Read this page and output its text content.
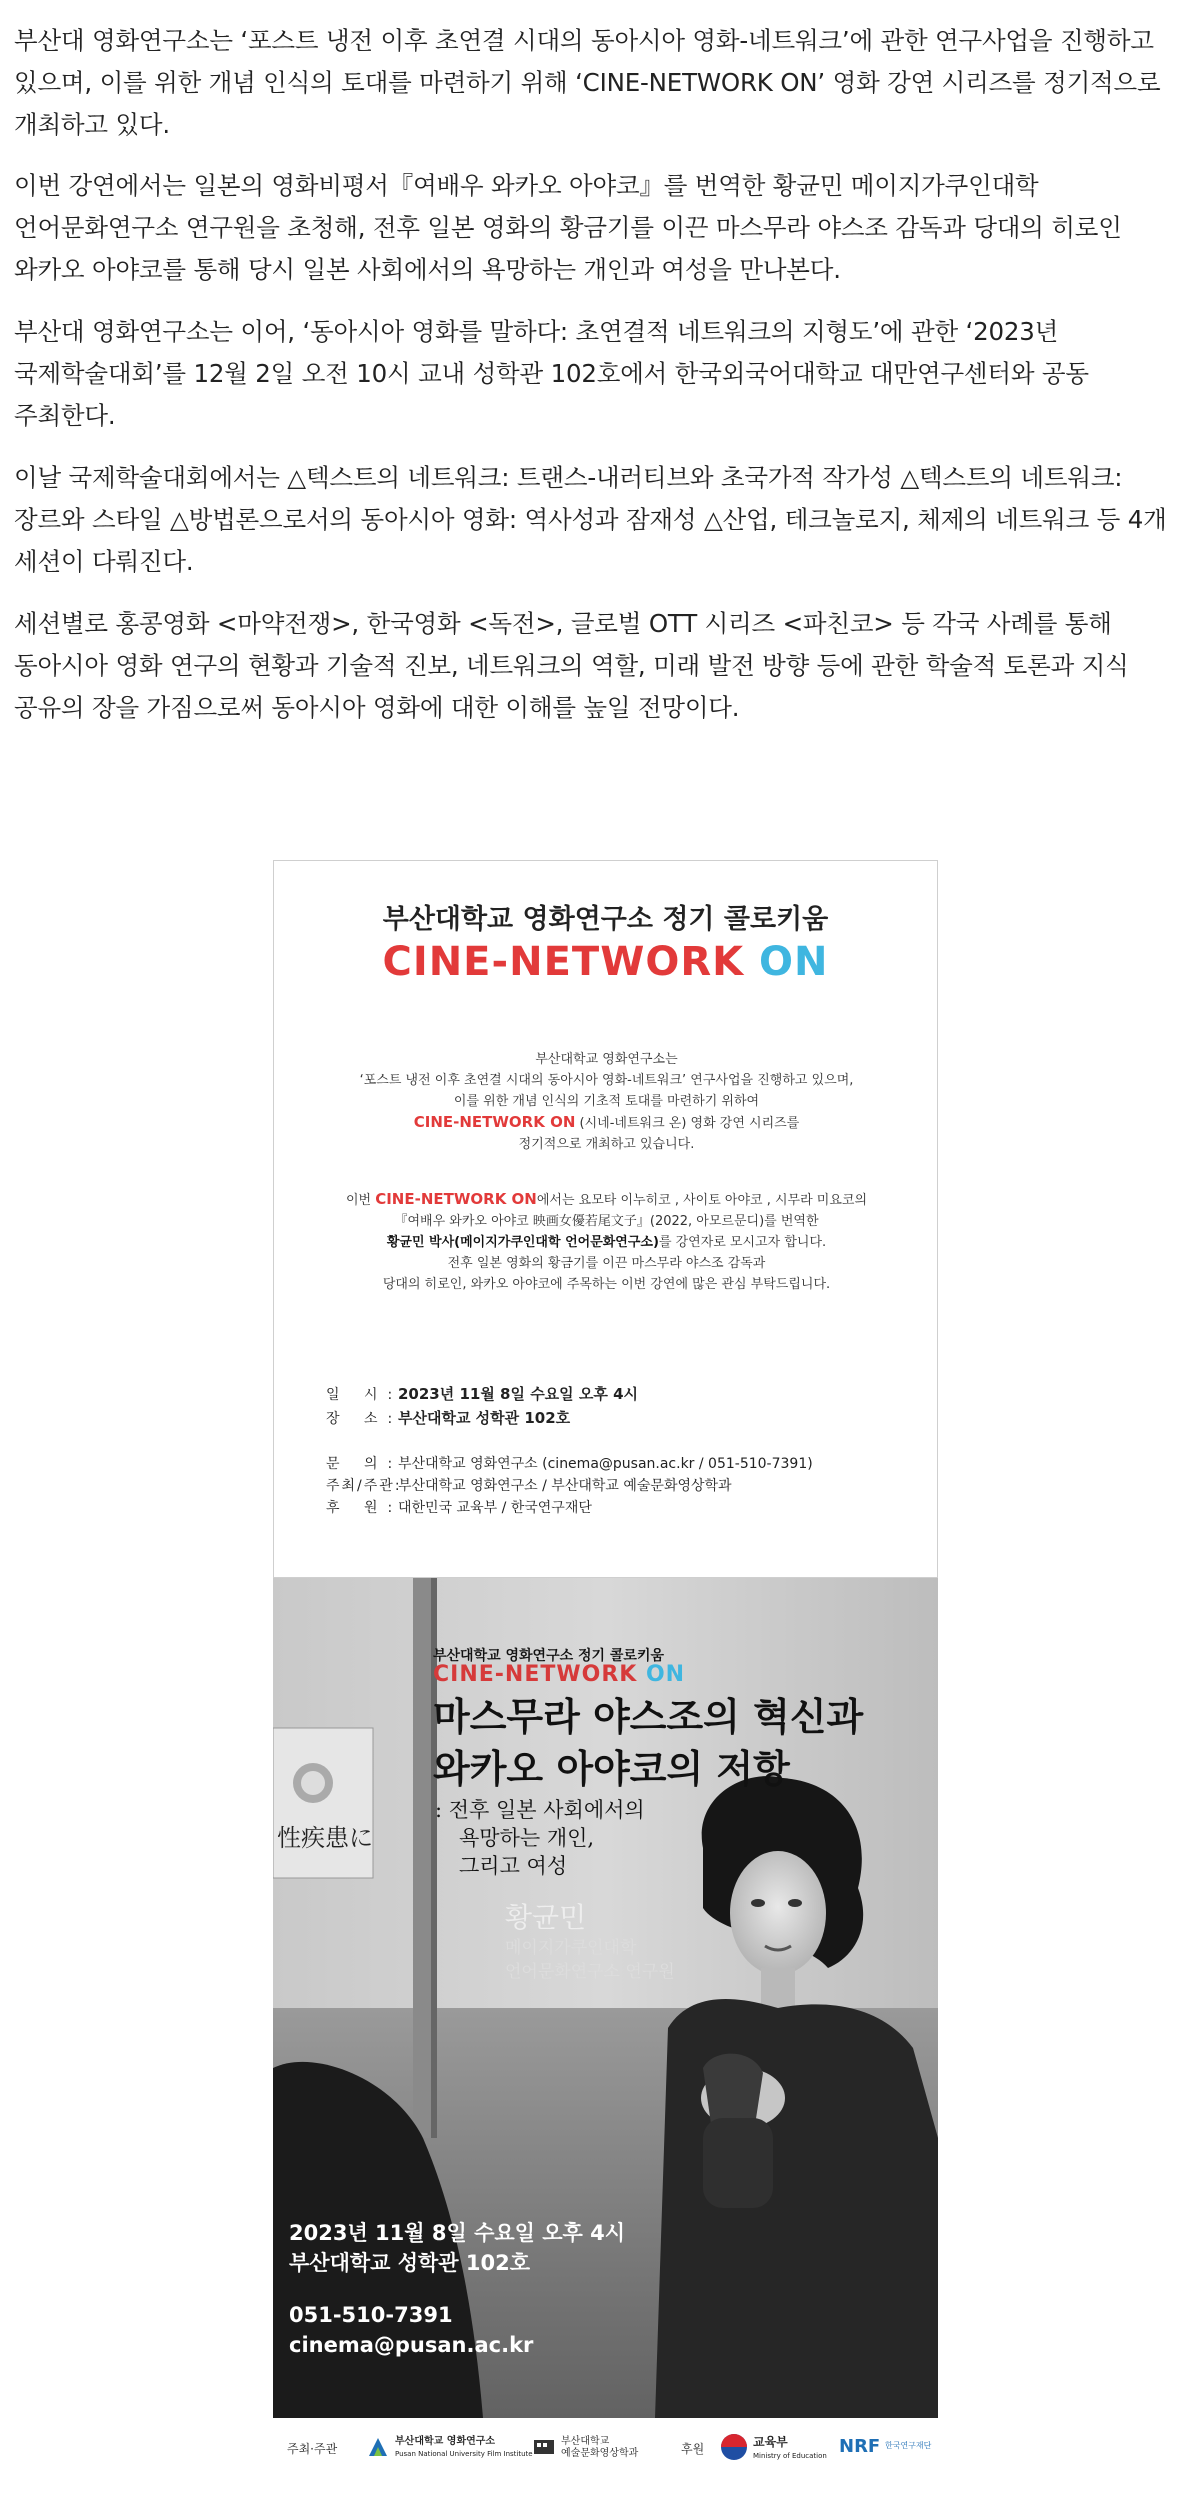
부산대 영화연구소는 ‘포스트 냉전 이후 초연결 시대의 동아시아 영화-네트워크’에 관한 연구사업을 진행하고 있으며, 이를 위한 개념 인식의 토대를 마련하기 위해 ‘CINE-NETWORK ON’ 영화 강연 시리즈를 정기적으로 개최하고 있다.

이번 강연에서는 일본의 영화비평서『여배우 와카오 아야코』를 번역한 황균민 메이지가쿠인대학 언어문화연구소 연구원을 초청해, 전후 일본 영화의 황금기를 이끈 마스무라 야스조 감독과 당대의 히로인 와카오 아야코를 통해 당시 일본 사회에서의 욕망하는 개인과 여성을 만나본다.

부산대 영화연구소는 이어, ‘동아시아 영화를 말하다: 초연결적 네트워크의 지형도’에 관한 ‘2023년 국제학술대회’를 12월 2일 오전 10시 교내 성학관 102호에서 한국외국어대학교 대만연구센터와 공동 주최한다.

이날 국제학술대회에서는 △텍스트의 네트워크: 트랜스-내러티브와 초국가적 작가성 △텍스트의 네트워크: 장르와 스타일 △방법론으로서의 동아시아 영화: 역사성과 잠재성 △산업, 테크놀로지, 체제의 네트워크 등 4개 세션이 다뤄진다.

세션별로 홍콩영화 <마약전쟁>, 한국영화 <독전>, 글로벌 OTT 시리즈 <파친코> 등 각국 사례를 통해 동아시아 영화 연구의 현황과 기술적 진보, 네트워크의 역할, 미래 발전 방향 등에 관한 학술적 토론과 지식 공유의 장을 가짐으로써 동아시아 영화에 대한 이해를 높일 전망이다.

부산대학교 영화연구소 정기 콜로키움
CINE-NETWORK ON
부산대학교 영화연구소는
‘포스트 냉전 이후 초연결 시대의 동아시아 영화-네트워크’ 연구사업을 진행하고 있으며,
이를 위한 개념 인식의 기초적 토대를 마련하기 위하여
CINE-NETWORK ON (시네-네트워크 온) 영화 강연 시리즈를
정기적으로 개최하고 있습니다.
이번 CINE-NETWORK ON에서는 요모타 이누히코 , 사이토 아야코 , 시무라 미요코의
『여배우 와카오 아야코 映画女優若尾文子』(2022, 아모르문디)를 번역한
황균민 박사(메이지가쿠인대학 언어문화연구소)를 강연자로 모시고자 합니다.
전후 일본 영화의 황금기를 이끈 마스무라 야스조 감독과
당대의 히로인, 와카오 아야코에 주목하는 이번 강연에 많은 관심 부탁드립니다.
일 시:2023년 11월 8일 수요일 오후 4시
장 소:부산대학교 성학관 102호
문 의:부산대학교 영화연구소 (cinema@pusan.ac.kr / 051-510-7391)
주최/주관:부산대학교 영화연구소 / 부산대학교 예술문화영상학과
후 원:대한민국 교육부 / 한국연구재단
性疾患に
부산대학교 영화연구소 정기 콜로키움
CINE-NETWORK ON
마스무라 야스조의 혁신과
와카오 아야코의 저항
: 전후 일본 사회에서의
욕망하는 개인,
그리고 여성
황균민
메이지가쿠인대학
언어문화연구소 연구원
2023년 11월 8일 수요일 오후 4시
부산대학교 성학관 102호
051-510-7391
cinema@pusan.ac.kr
주최·주관
부산대학교 영화연구소
Pusan National University Film Institute
부산대학교
예술문화영상학과	후원	교육부
Ministry of Education NRF 한국연구재단
